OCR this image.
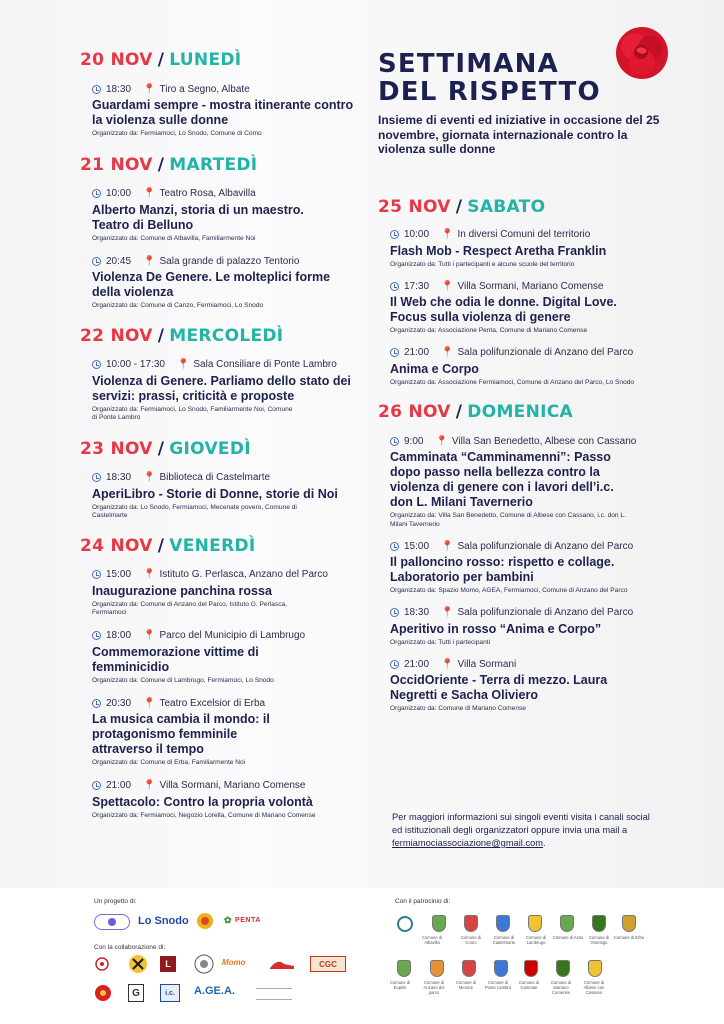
20 NOV / LUNEDÌ
18:30 📍 Tiro a Segno, Albate
Guardami sempre - mostra itinerante contro la violenza sulle donne
Organizzato da: Fermiamoci, Lo Snodo, Comune di Como
21 NOV / MARTEDÌ
10:00 📍 Teatro Rosa, Albavilla
Alberto Manzi, storia di un maestro. Teatro di Belluno
Organizzato da: Comune di Albavilla, Familiarmente Noi
20:45 📍 Sala grande di palazzo Tentorio
Violenza De Genere. Le molteplici forme della violenza
Organizzato da: Comune di Canzo, Fermiamoci, Lo Snodo
22 NOV / MERCOLEDÌ
10:00 - 17:30 📍 Sala Consiliare di Ponte Lambro
Violenza di Genere. Parliamo dello stato dei servizi: prassi, criticità e proposte
Organizzato da: Fermiamoci, Lo Snodo, Familiarmente Noi, Comune di Ponte Lambro
23 NOV / GIOVEDÌ
18:30 📍 Biblioteca di Castelmarte
AperiLibro - Storie di Donne, storie di Noi
Organizzato da: Lo Snodo, Fermiamoci, Mecenate povero, Comune di Castelmarte
24 NOV / VENERDÌ
15:00 📍 Istituto G. Perlasca, Anzano del Parco
Inaugurazione panchina rossa
Organizzato da: Comune di Anzano del Parco, Istituto G. Perlasca, Fermiamoci
18:00 📍 Parco del Municipio di Lambrugo
Commemorazione vittime di femminicidio
Organizzato da: Comune di Lambrugo, Fermiamoci, Lo Snodo
20:30 📍 Teatro Excelsior di Erba
La musica cambia il mondo: il protagonismo femminile attraverso il tempo
Organizzato da: Comune di Erba, Familiarmente Noi
21:00 📍 Villa Sormani, Mariano Comense
Spettacolo: Contro la propria volontà
Organizzato da: Fermiamoci, Negozio Lorella, Comune di Mariano Comense
SETTIMANA
DEL RISPETTO
Insieme di eventi ed iniziative in occasione del 25 novembre, giornata internazionale contro la violenza sulle donne
25 NOV / SABATO
10:00 📍 In diversi Comuni del territorio
Flash Mob - Respect Aretha Franklin
Organizzato da: Tutti i partecipanti e alcune scuole del territorio
17:30 📍 Villa Sormani, Mariano Comense
Il Web che odia le donne. Digital Love. Focus sulla violenza di genere
Organizzato da: Associazione Penta, Comune di Mariano Comense
21:00 📍 Sala polifunzionale di Anzano del Parco
Anima e Corpo
Organizzato da: Associazione Fermiamoci, Comune di Anzano del Parco, Lo Snodo
26 NOV / DOMENICA
9:00 📍 Villa San Benedetto, Albese con Cassano
Camminata “Camminamenni”: Passo dopo passo nella bellezza contro la violenza di genere con i lavori dell’i.c. don L. Milani Tavernerio
Organizzato da: Villa San Benedetto, Comune di Albese con Cassano, i.c. don L. Milani Tavernerio
15:00 📍 Sala polifunzionale di Anzano del Parco
Il palloncino rosso: rispetto e collage. Laboratorio per bambini
Organizzato da: Spazio Momo, AGEA, Fermiamoci, Comune di Anzano del Parco
18:30 📍 Sala polifunzionale di Anzano del Parco
Aperitivo in rosso “Anima e Corpo”
Organizzato da: Tutti i partecipanti
21:00 📍 Villa Sormani
OccidOriente - Terra di mezzo. Laura Negretti e Sacha Oliviero
Organizzato da: Comune di Mariano Comense
Per maggiori informazioni sui singoli eventi visita i canali social ed istituzionali degli organizzatori oppure invia una mail a fermiamociassociazione@gmail.com.
Un progetto di:
Con la collaborazione di:
Con il patrocinio di:
Lo Snodo	✿ PENTA
L	Momo	CGC
G	i.c.	A.GE.A.
Comune di Albavilla
Comune di Como
Comune di Castelmarte
Comune di Lambrugo
Comune di Asso	Comune di Orsenigo
Comune di Erba
Comune di Eupilio
Comune di Anzano del parco
Comune di Merone
Comune di Ponte Lambro
Comune di Carimate
Comune di Mariano Comense
Comune di Albese con Cassano
